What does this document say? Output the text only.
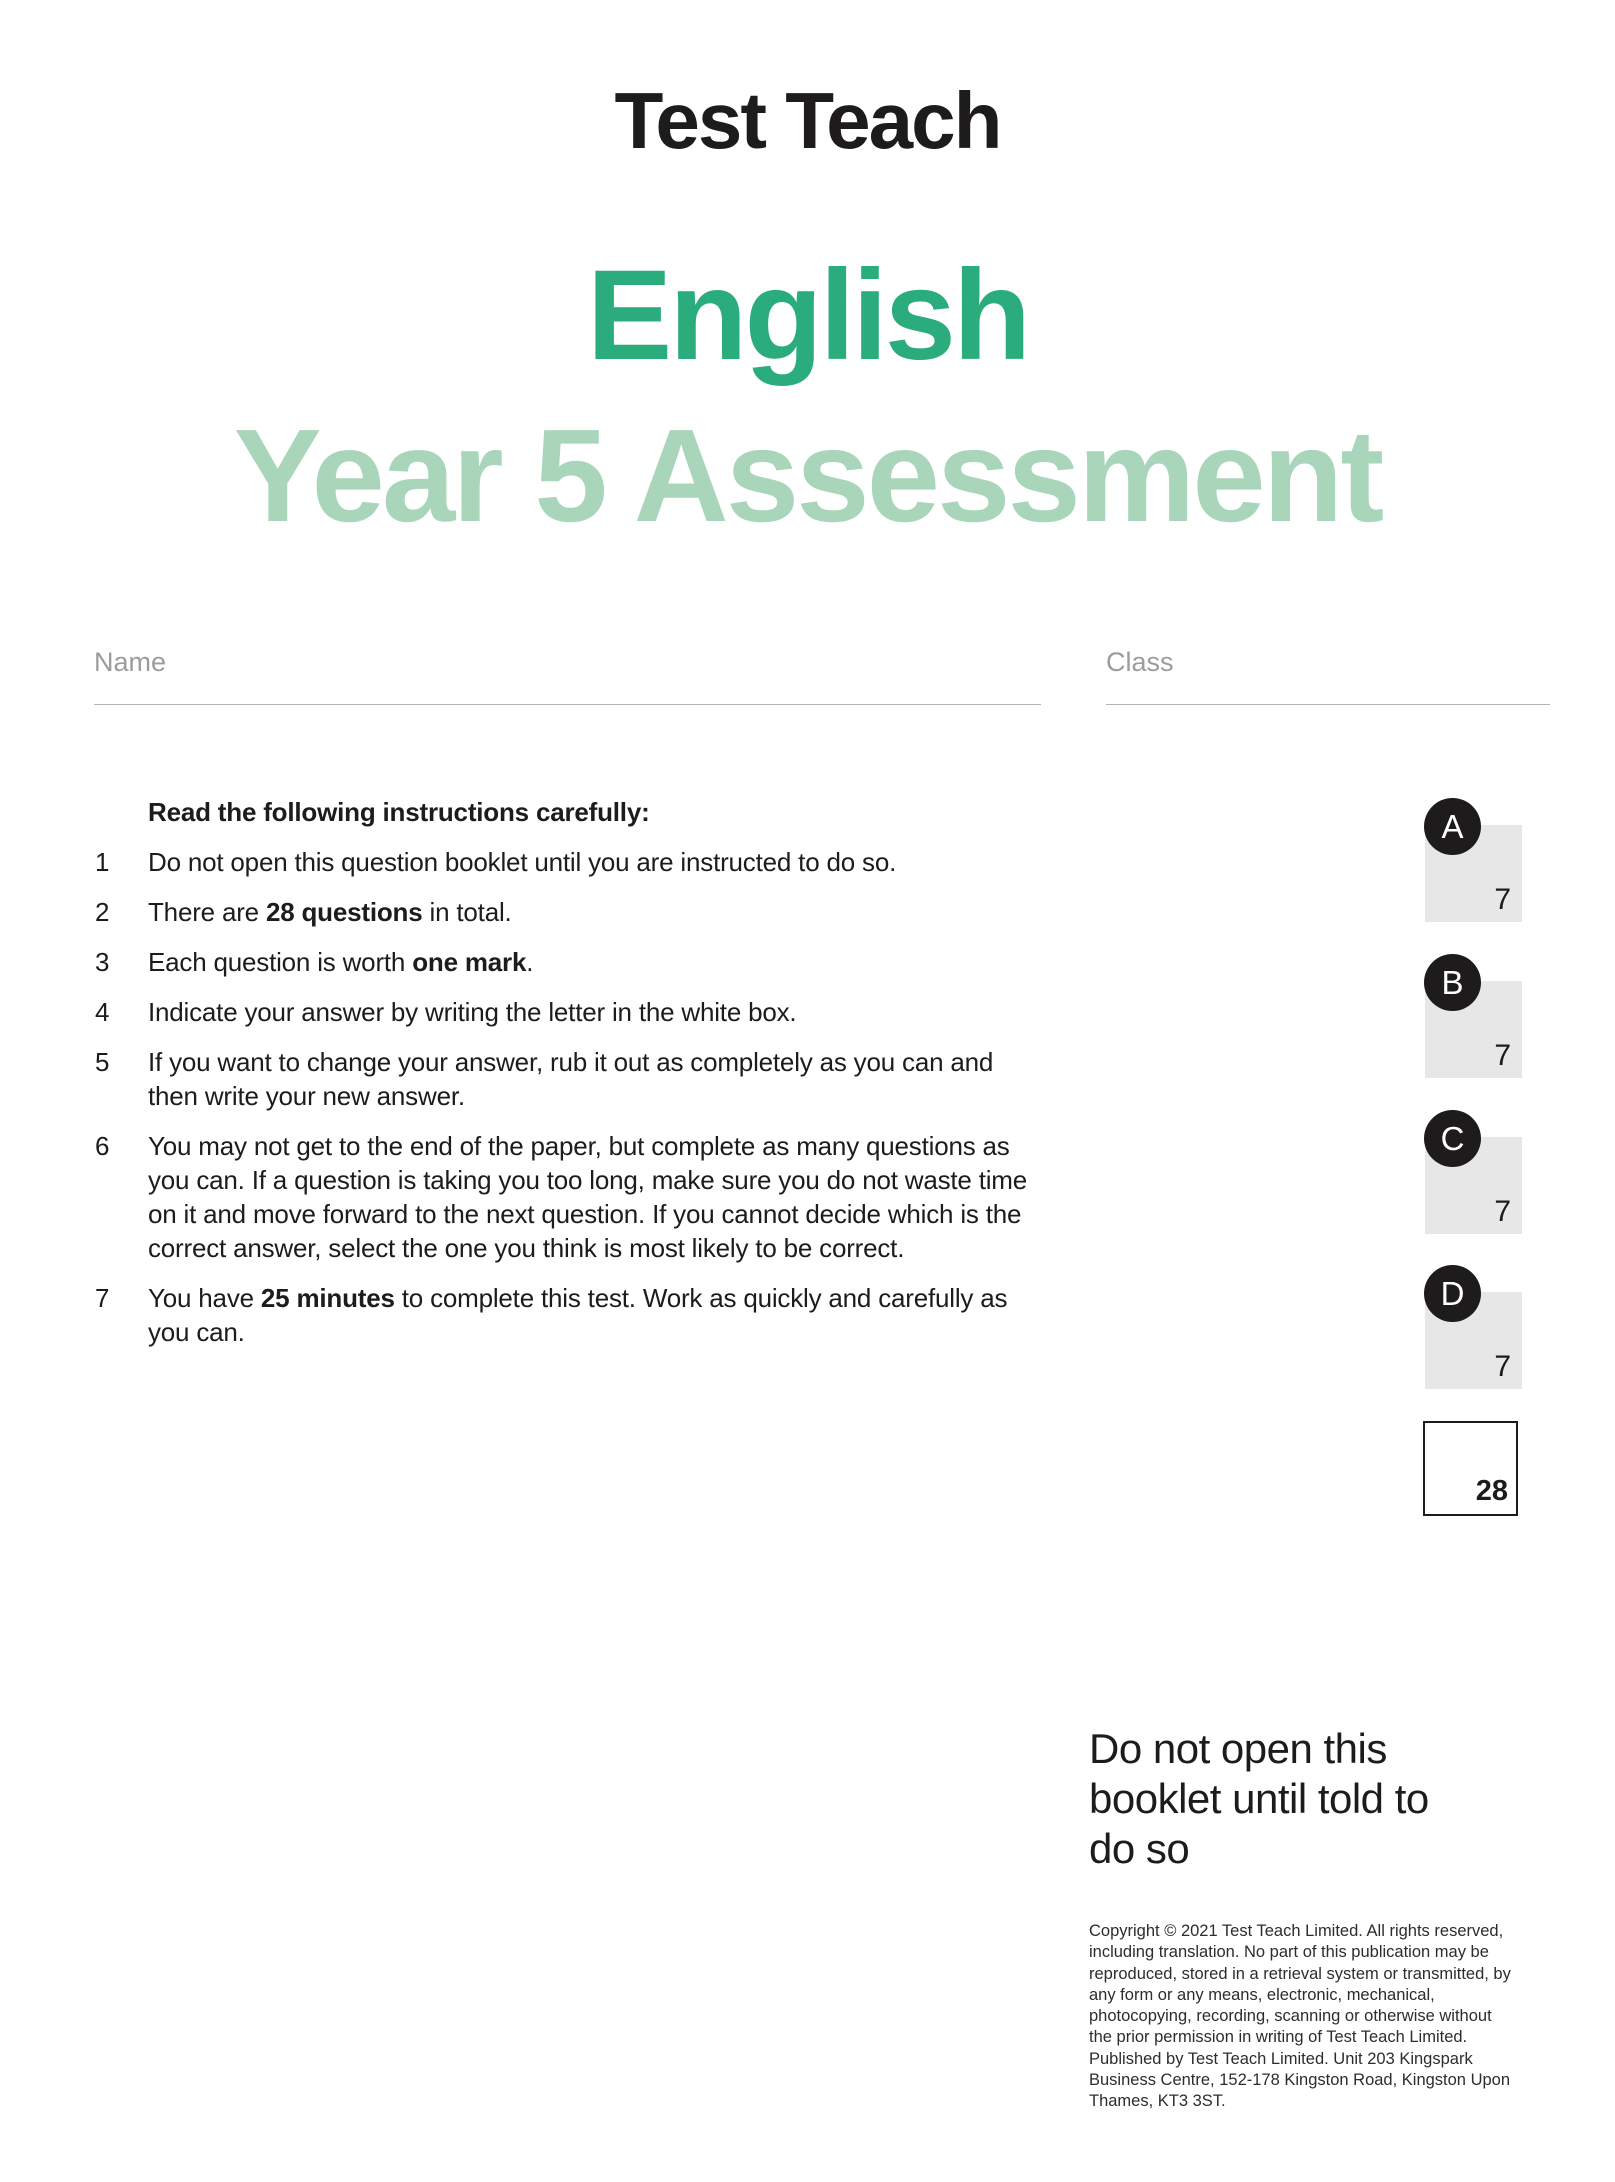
Test Teach
English
Year 5 Assessment
Name	Class
Read the following instructions carefully:
1	Do not open this question booklet until you are instructed to do so.
2	There are 28 questions in total.
3	Each question is worth one mark.
4	Indicate your answer by writing the letter in the white box.
5	If you want to change your answer, rub it out as completely as you can and then write your new answer.
6	You may not get to the end of the paper, but complete as many questions as you can. If a question is taking you too long, make sure you do not waste time on it and move forward to the next question. If you cannot decide which is the correct answer, select the one you think is most likely to be correct.
7	You have 25 minutes to complete this test. Work as quickly and carefully as you can.
A
7
B
7
C
7
D
7
28
Do not open this booklet until told to do so
Copyright © 2021 Test Teach Limited. All rights reserved, including translation. No part of this publication may be reproduced, stored in a retrieval system or transmitted, by any form or any means, electronic, mechanical, photocopying, recording, scanning or otherwise without the prior permission in writing of Test Teach Limited. Published by Test Teach Limited. Unit 203 Kingspark Business Centre, 152-178 Kingston Road, Kingston Upon Thames, KT3 3ST.
